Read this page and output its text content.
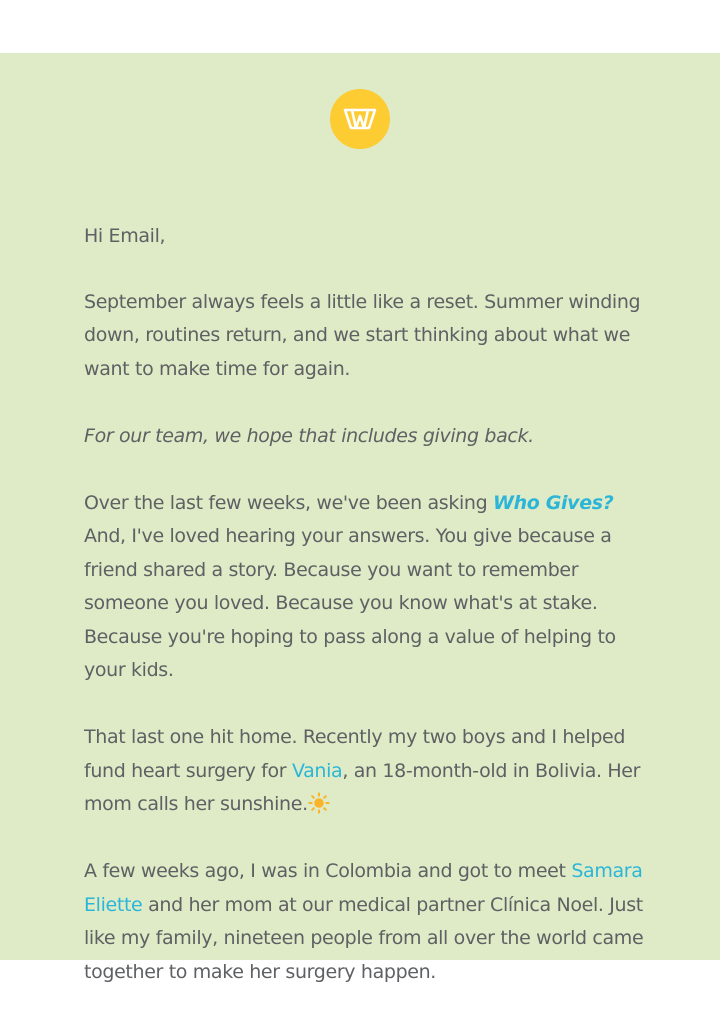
Hi Email,

September always feels a little like a reset. Summer winding down, routines return, and we start thinking about what we want to make time for again.

For our team, we hope that includes giving back.

Over the last few weeks, we've been asking Who Gives? And, I've loved hearing your answers. You give because a friend shared a story. Because you want to remember someone you loved. Because you know what's at stake. Because you're hoping to pass along a value of helping to your kids.

That last one hit home. Recently my two boys and I helped fund heart surgery for Vania, an 18-month-old in Bolivia. Her mom calls her sunshine.

A few weeks ago, I was in Colombia and got to meet Samara Eliette and her mom at our medical partner Clínica Noel. Just like my family, nineteen people from all over the world came together to make her surgery happen.
